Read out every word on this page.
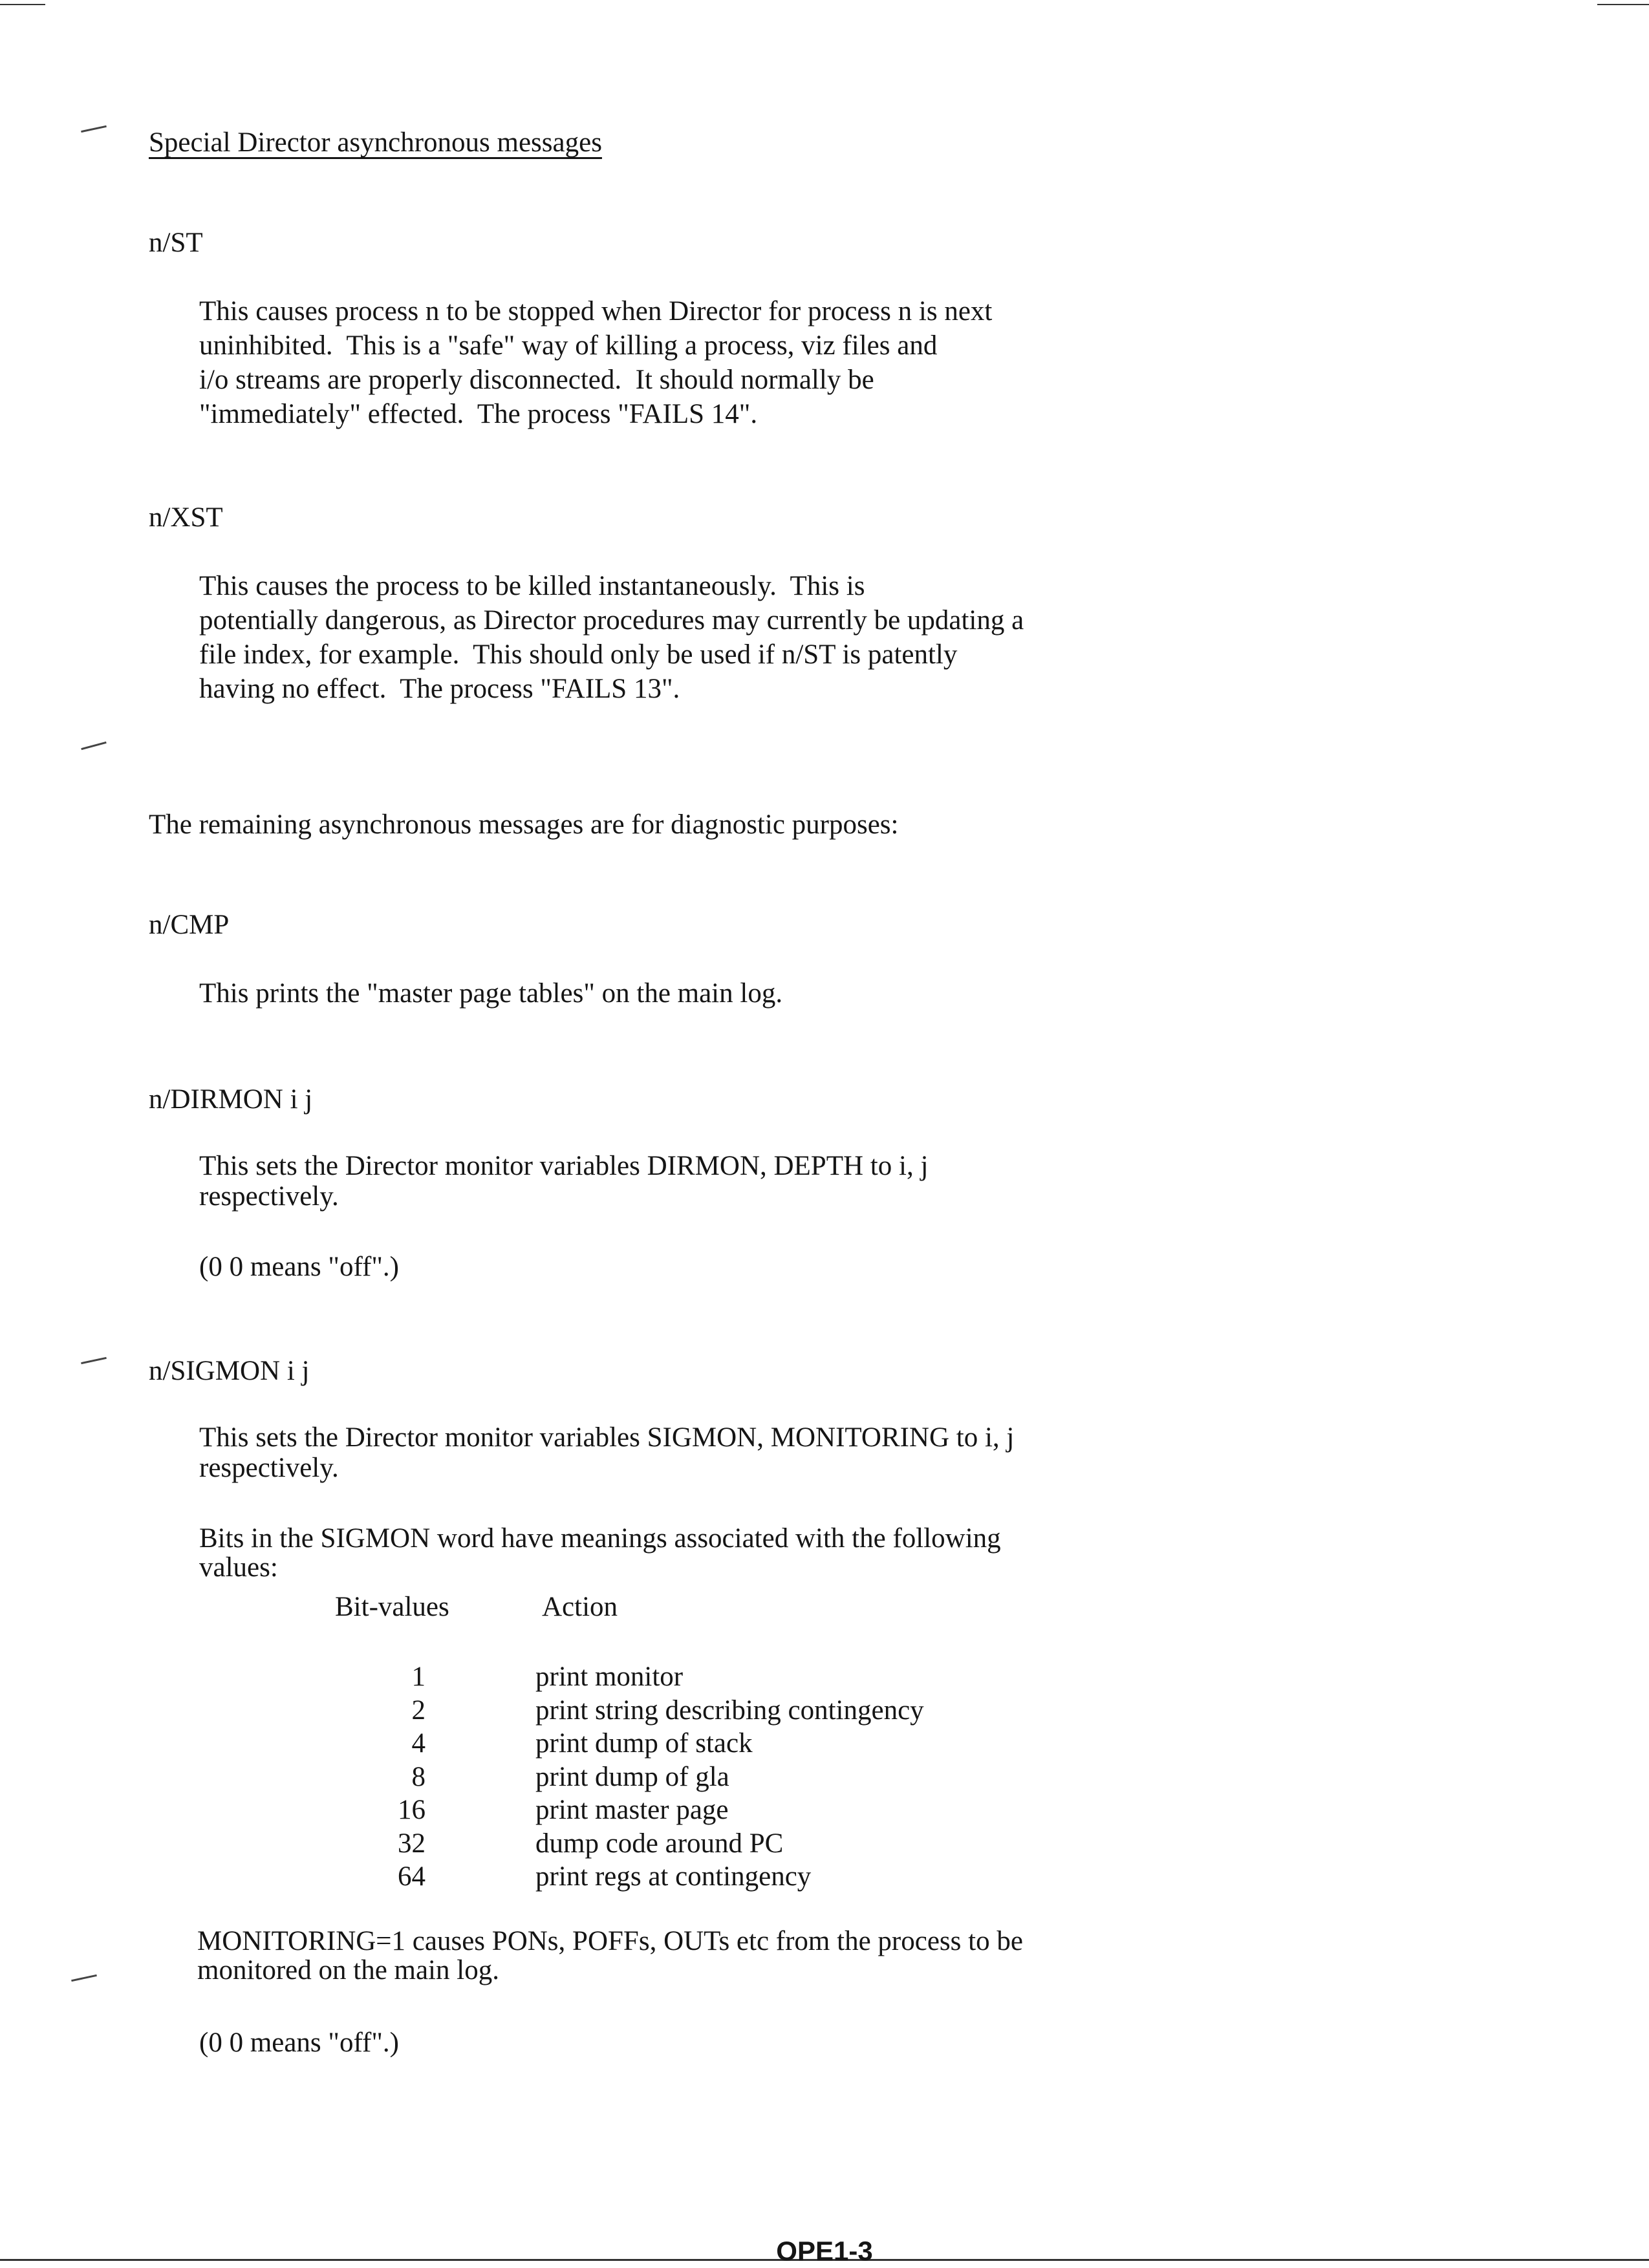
Special Director asynchronous messages
n/ST
This causes process n to be stopped when Director for process n is next
uninhibited.  This is a "safe" way of killing a process, viz files and
i/o streams are properly disconnected.  It should normally be
"immediately" effected.  The process "FAILS 14".
n/XST
This causes the process to be killed instantaneously.  This is
potentially dangerous, as Director procedures may currently be updating a
file index, for example.  This should only be used if n/ST is patently
having no effect.  The process "FAILS 13".
The remaining asynchronous messages are for diagnostic purposes:
n/CMP
This prints the "master page tables" on the main log.
n/DIRMON i j
This sets the Director monitor variables DIRMON, DEPTH to i, j
respectively.
(0 0 means "off".)
n/SIGMON i j
This sets the Director monitor variables SIGMON, MONITORING to i, j
respectively.
Bits in the SIGMON word have meanings associated with the following
values:
Bit-values	Action
1	print monitor
2	print string describing contingency
4	print dump of stack
8	print dump of gla
16	print master page
32	dump code around PC
64	print regs at contingency
MONITORING=1 causes PONs, POFFs, OUTs etc from the process to be
monitored on the main log.
(0 0 means "off".)
OPE1-3
